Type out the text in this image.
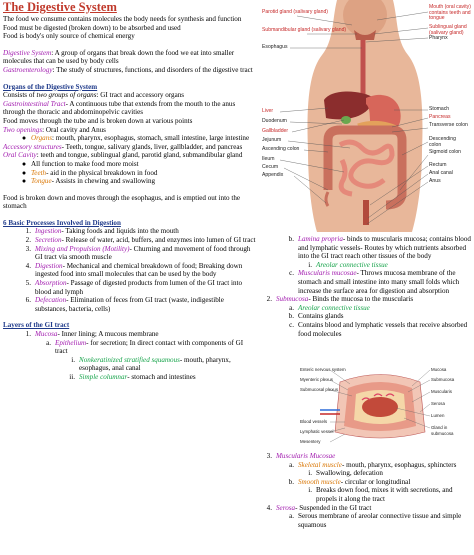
The Digestive System

The food we consume contains molecules the body needs for synthesis and function

Food must be digested (broken down) to be absorbed and used

Food is body's only source of chemical energy

Digestive System: A group of organs that break down the food we eat into smaller molecules that can be used by body cells

Gastroenterology: The study of structures, functions, and disorders of the digestive tract

Organs of the Digestive System

Consists of two groups of organs: GI tract and accessory organs

Gastrointestinal Tract- A continuous tube that extends from the mouth to the anus through the thoracic and abdominopelvic cavities

Food moves through the tube and is broken down at various points

Two openings: Oral cavity and Anus

● Organs: mouth, pharynx, esophagus, stomach, small intestine, large intestine

Accessory structures- Teeth, tongue, salivary glands, liver, gallbladder, and pancreas

Oral Cavity: teeth and tongue, sublingual gland, parotid gland, submandibular gland

● All function to make food more moist
● Teeth- aid in the physical breakdown in food
● Tongue- Assists in chewing and swallowing

Food is broken down and moves through the esophagus, and is emptied out into the stomach

6 Basic Processes Involved in Digestion
1. Ingestion- Taking foods and liquids into the mouth
2. Secretion- Release of water, acid, buffers, and enzymes into lumen of GI tract
3. Mixing and Propulsion (Motility)- Churning and movement of food through GI tract via smooth muscle
4. Digestion- Mechanical and chemical breakdown of food; Breaking down ingested food into small molecules that can be used by the body
5. Absorption- Passage of digested products from lumen of the GI tract into blood and lymph
6. Defecation- Elimination of feces from GI tract (waste, indigestible substances, bacteria, cells)
Layers of the GI tract
1. Mucosa- Inner lining; A mucous membrane
a. Epithelium- for secretion; In direct contact with components of GI tract
i. Nonkeratinized stratified squamous- mouth, pharynx, esophagus, anal canal
ii. Simple columnar- stomach and intestines
Parotid gland (salivary gland)
Submandibular gland (salivary gland)
Esophagus
Liver
Duodenum
Gallbladder
Jejunum
Ascending colon
Ileum
Cecum
Appendix
Mouth (oral cavity) contains teeth and tongue
Sublingual gland (salivary gland)
Pharynx
Stomach
Pancreas
Transverse colon
Descending colon
Sigmoid colon
Rectum
Anal canal
Anus
b. Lamina propria- binds to muscularis mucosa; contains blood and lymphatic vessels- Routes by which nutrients absorbed into the GI tract reach other tissues of the body
i. Areolar connective tissue
c. Muscularis mucosae- Throws mucosa membrane of the stomach and small intestine into many small folds which increase the surface area for digestion and absorption
2. Submucosa- Binds the mucosa to the muscularis
a. Areolar connective tissue
b. Contains glands
c. Contains blood and lymphatic vessels that receive absorbed food molecules
Enteric nervous system
Myenteric plexus
Submucosal plexus
Blood vessels
Lymphatic vessel
Mesentery
Mucosa
Submucosa
Muscularis
Serosa
Lumen
Gland in submucosa
3. Muscularis Mucosae
a. Skeletal muscle- mouth, pharynx, esophagus, sphincters
i. Swallowing, defecation
b. Smooth muscle- circular or longitudinal
i. Breaks down food, mixes it with secretions, and propels it along the tract
4. Serosa- Suspended in the GI tract
a. Serous membrane of areolar connective tissue and simple squamous
